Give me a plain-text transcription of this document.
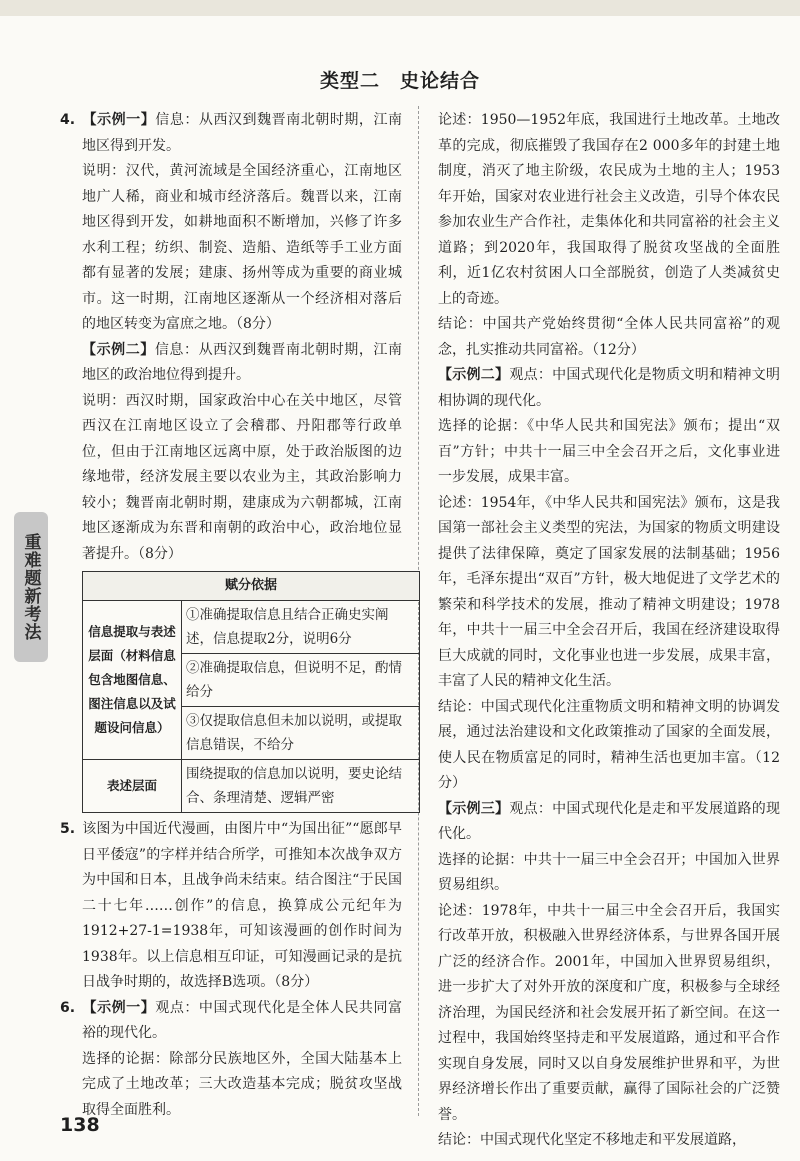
类型二 史论结合
重难题新考法

4. 【示例一】信息：从西汉到魏晋南北朝时期，江南地区得到开发。

说明：汉代，黄河流域是全国经济重心，江南地区地广人稀，商业和城市经济落后。魏晋以来，江南地区得到开发，如耕地面积不断增加，兴修了许多水利工程；纺织、制瓷、造船、造纸等手工业方面都有显著的发展；建康、扬州等成为重要的商业城市。这一时期，江南地区逐渐从一个经济相对落后的地区转变为富庶之地。（8分）

【示例二】信息：从西汉到魏晋南北朝时期，江南地区的政治地位得到提升。

说明：西汉时期，国家政治中心在关中地区，尽管西汉在江南地区设立了会稽郡、丹阳郡等行政单位，但由于江南地区远离中原，处于政治版图的边缘地带，经济发展主要以农业为主，其政治影响力较小；魏晋南北朝时期，建康成为六朝都城，江南地区逐渐成为东晋和南朝的政治中心，政治地位显著提升。（8分）

赋分依据	
信息提取与表述层面（材料信息包含地图信息、图注信息以及试题设问信息）	①准确提取信息且结合正确史实阐述，信息提取2分，说明6分
	②准确提取信息，但说明不足，酌情给分
	③仅提取信息但未加以说明，或提取信息错误，不给分
表述层面	围绕提取的信息加以说明，要史论结合、条理清楚、逻辑严密

5. 该图为中国近代漫画，由图片中“为国出征”“愿郎早日平倭寇”的字样并结合所学，可推知本次战争双方为中国和日本，且战争尚未结束。结合图注“于民国二十七年……创作”的信息，换算成公元纪年为1912+27-1=1938年，可知该漫画的创作时间为1938年。以上信息相互印证，可知漫画记录的是抗日战争时期的，故选择B选项。（8分）

6. 【示例一】观点：中国式现代化是全体人民共同富裕的现代化。

选择的论据：除部分民族地区外，全国大陆基本上完成了土地改革；三大改造基本完成；脱贫攻坚战取得全面胜利。

论述：1950—1952年底，我国进行土地改革。土地改革的完成，彻底摧毁了我国存在2 000多年的封建土地制度，消灭了地主阶级，农民成为土地的主人；1953年开始，国家对农业进行社会主义改造，引导个体农民参加农业生产合作社，走集体化和共同富裕的社会主义道路；到2020年，我国取得了脱贫攻坚战的全面胜利，近1亿农村贫困人口全部脱贫，创造了人类减贫史上的奇迹。

结论：中国共产党始终贯彻“全体人民共同富裕”的观念，扎实推动共同富裕。（12分）

【示例二】观点：中国式现代化是物质文明和精神文明相协调的现代化。

选择的论据：《中华人民共和国宪法》颁布；提出“双百”方针；中共十一届三中全会召开之后，文化事业进一步发展，成果丰富。

论述：1954年，《中华人民共和国宪法》颁布，这是我国第一部社会主义类型的宪法，为国家的物质文明建设提供了法律保障，奠定了国家发展的法制基础；1956年，毛泽东提出“双百”方针，极大地促进了文学艺术的繁荣和科学技术的发展，推动了精神文明建设；1978年，中共十一届三中全会召开后，我国在经济建设取得巨大成就的同时，文化事业也进一步发展，成果丰富，丰富了人民的精神文化生活。

结论：中国式现代化注重物质文明和精神文明的协调发展，通过法治建设和文化政策推动了国家的全面发展，使人民在物质富足的同时，精神生活也更加丰富。（12分）

【示例三】观点：中国式现代化是走和平发展道路的现代化。

选择的论据：中共十一届三中全会召开；中国加入世界贸易组织。

论述：1978年，中共十一届三中全会召开后，我国实行改革开放，积极融入世界经济体系，与世界各国开展广泛的经济合作。2001年，中国加入世界贸易组织，进一步扩大了对外开放的深度和广度，积极参与全球经济治理，为国民经济和社会发展开拓了新空间。在这一过程中，我国始终坚持走和平发展道路，通过和平合作实现自身发展，同时又以自身发展维护世界和平，为世界经济增长作出了重要贡献，赢得了国际社会的广泛赞誉。

结论：中国式现代化坚定不移地走和平发展道路，

138
